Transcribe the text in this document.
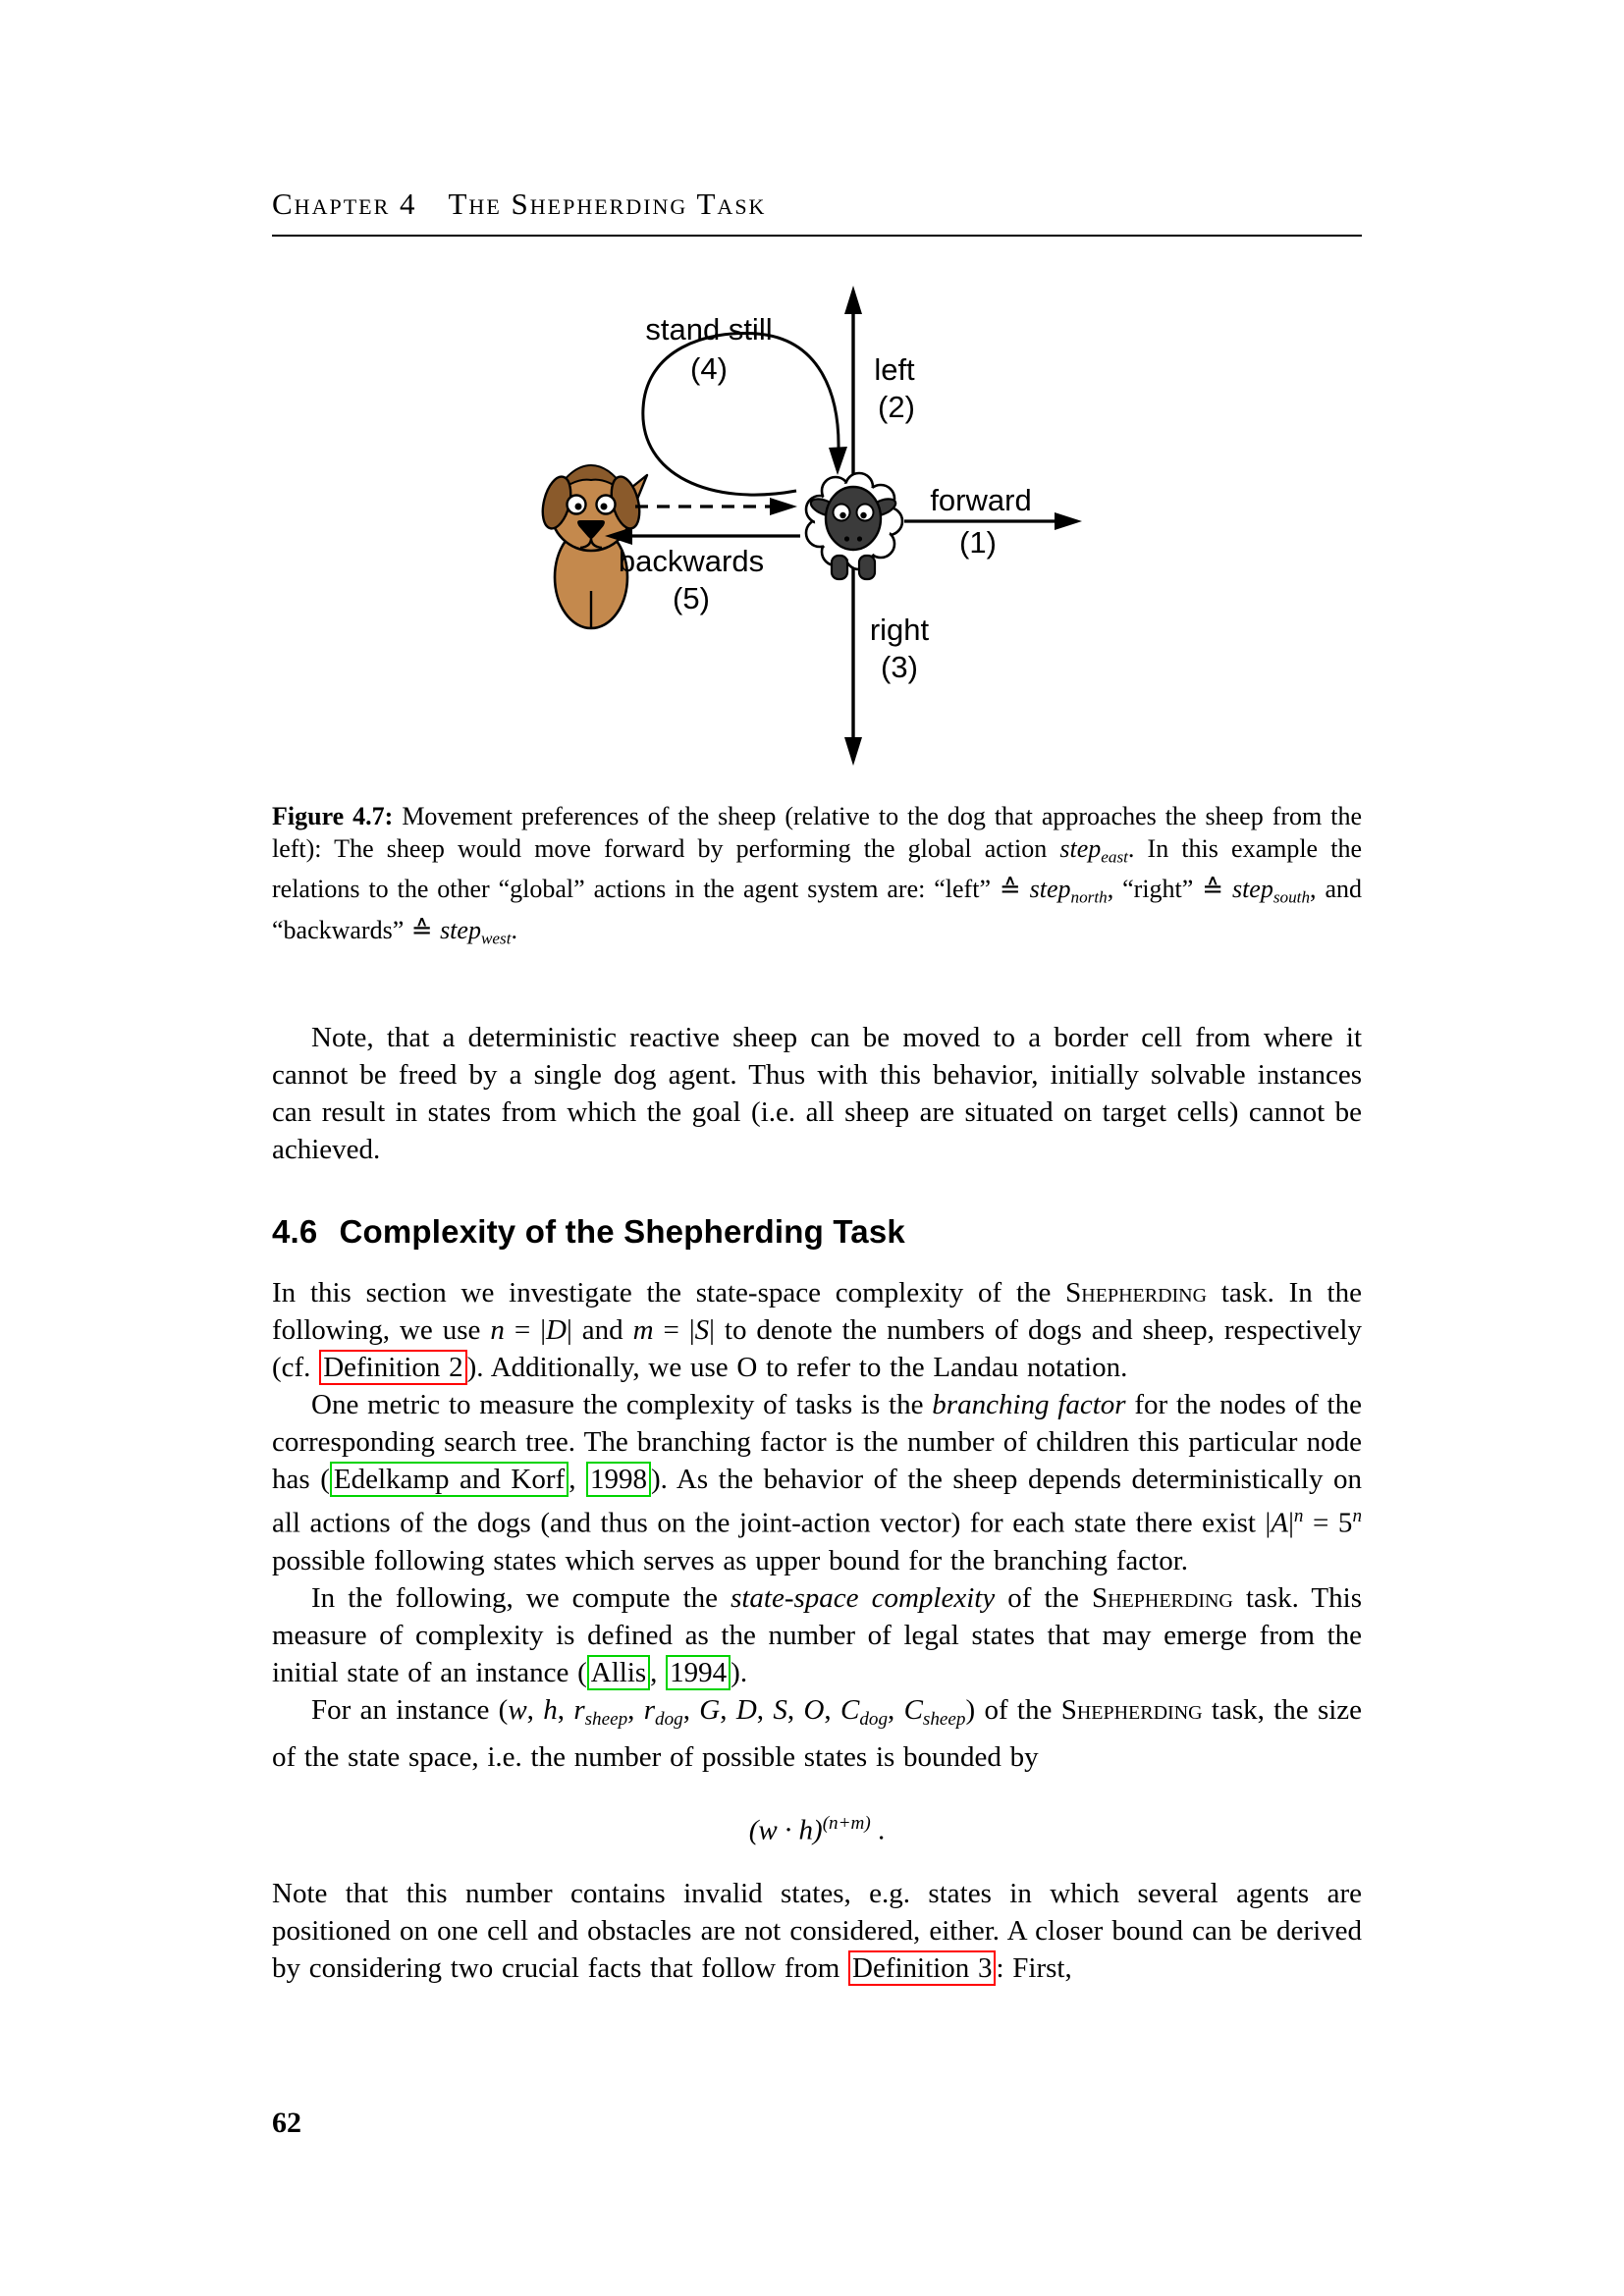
Chapter 4 The Shepherding Task
stand still
(4)	left
(2)
forward
(1)
right
(3)
backwards
(5)
Figure 4.7: Movement preferences of the sheep (relative to the dog that approaches the sheep from the left): The sheep would move forward by performing the global action step$_{east}$. In this example the relations to the other “global” actions in the agent system are: “left” ≙ step$_{north}$, “right” ≙ step$_{south}$, and “backwards” ≙ step$_{west}$.

Note, that a deterministic reactive sheep can be moved to a border cell from where it cannot be freed by a single dog agent. Thus with this behavior, initially solvable instances can result in states from which the goal (i.e. all sheep are situated on target cells) cannot be achieved.

4.6 Complexity of the Shepherding Task

In this section we investigate the state-space complexity of the Shepherding task. In the following, we use n = |D| and m = |S| to denote the numbers of dogs and sheep, respectively (cf. Definition 2 ). Additionally, we use O to refer to the Landau notation.

One metric to measure the complexity of tasks is the branching factor for the nodes of the corresponding search tree. The branching factor is the number of children this particular node has ( Edelkamp and Korf , 1998 ). As the behavior of the sheep depends deterministically on all actions of the dogs (and thus on the joint-action vector) for each state there exist $|A|^n = 5^n$ possible following states which serves as upper bound for the branching factor.

In the following, we compute the state-space complexity of the Shepherding task. This measure of complexity is defined as the number of legal states that may emerge from the initial state of an instance ( Allis , 1994 ).

For an instance (w, h, $r_{sheep}$, $r_{dog}$, G, D, S, O, $C_{dog}$, $C_{sheep}$) of the Shepherding task, the size of the state space, i.e. the number of possible states is bounded by

$(w \cdot h)^{(n+m)}$ .

Note that this number contains invalid states, e.g. states in which several agents are positioned on one cell and obstacles are not considered, either. A closer bound can be derived by considering two crucial facts that follow from Definition 3 : First,

62
